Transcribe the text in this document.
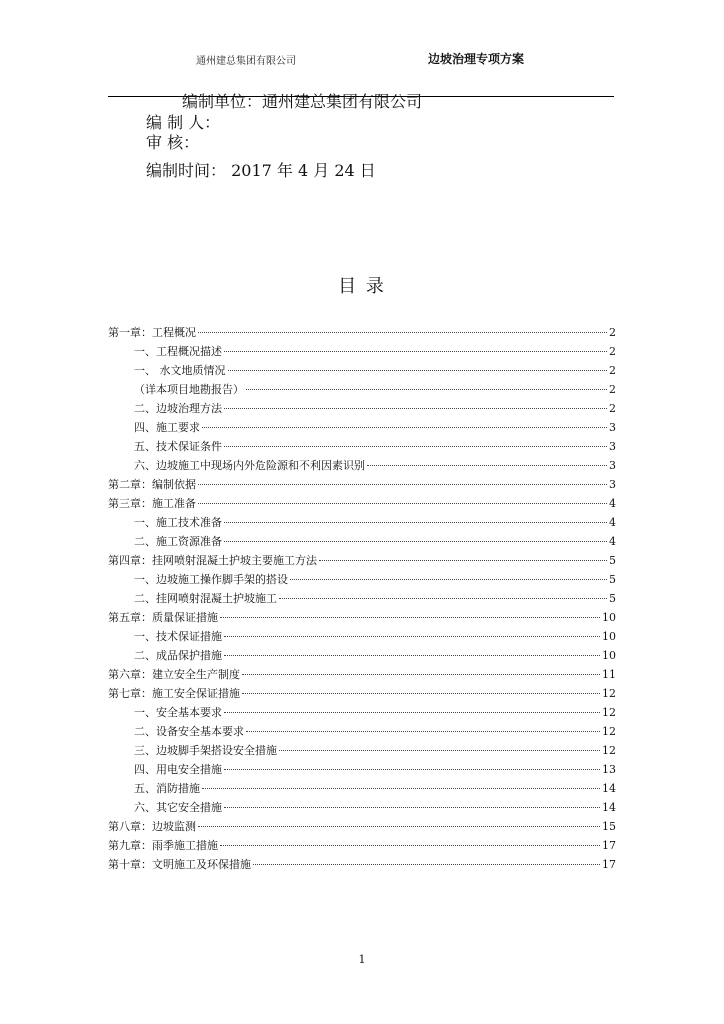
通州建总集团有限公司	边坡治理专项方案
编制单位：通州建总集团有限公司
编 制 人：
审 核：
编制时间： 2017 年 4 月 24 日
目 录
第一章：工程概况	2
一、工程概况描述	2
一、 水文地质情况	2
（详本项目地勘报告）	2
二、边坡治理方法	2
四、施工要求	3
五、技术保证条件	3
六、边坡施工中现场内外危险源和不利因素识别	3
第二章：编制依据	3
第三章：施工准备	4
一、施工技术准备	4
二、施工资源准备	4
第四章：挂网喷射混凝土护坡主要施工方法	5
一、边坡施工操作脚手架的搭设	5
二、挂网喷射混凝土护坡施工	5
第五章：质量保证措施	10
一、技术保证措施	10
二、成品保护措施	10
第六章：建立安全生产制度	11
第七章：施工安全保证措施	12
一、安全基本要求	12
二、设备安全基本要求	12
三、边坡脚手架搭设安全措施	12
四、用电安全措施	13
五、消防措施	14
六、其它安全措施	14
第八章：边坡监测	15
第九章：雨季施工措施	17
第十章：文明施工及环保措施	17
1
